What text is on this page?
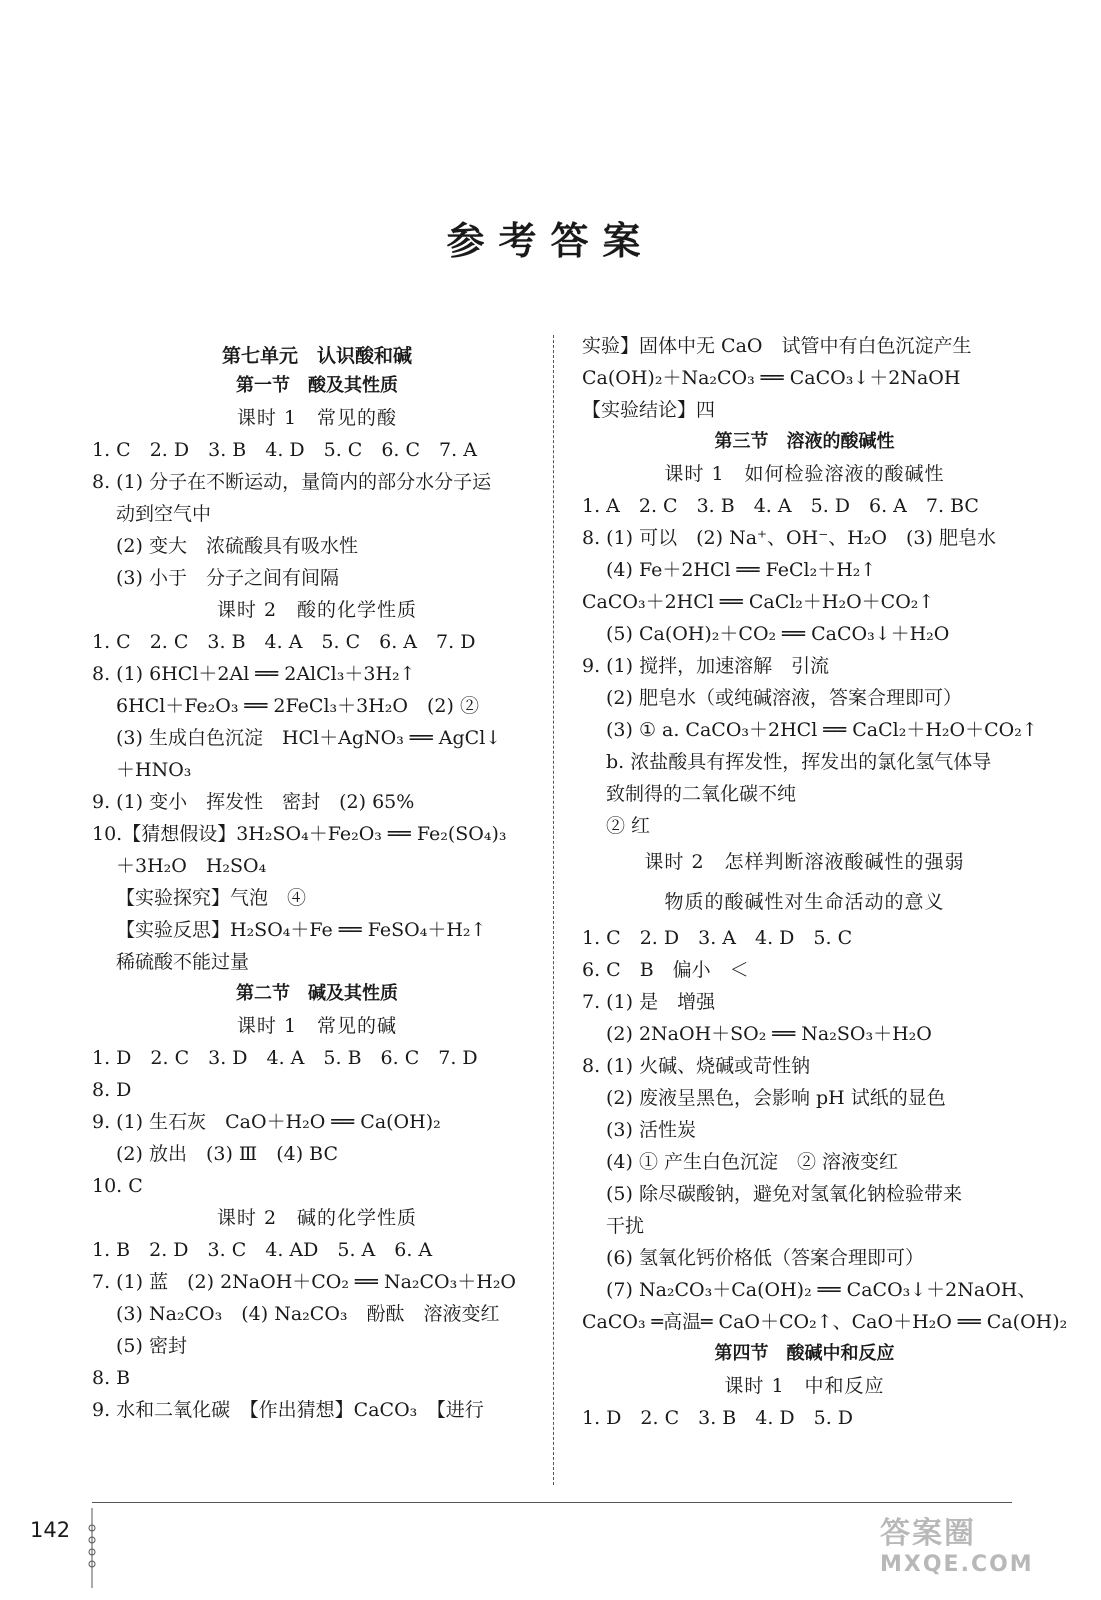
参考答案
第七单元　认识酸和碱
第一节　酸及其性质
课时 1　常见的酸
1. C　2. D　3. B　4. D　5. C　6. C　7. A
8. (1) 分子在不断运动，量筒内的部分水分子运
动到空气中
(2) 变大　浓硫酸具有吸水性
(3) 小于　分子之间有间隔
课时 2　酸的化学性质
1. C　2. C　3. B　4. A　5. C　6. A　7. D
8. (1) 6HCl＋2Al ══ 2AlCl₃＋3H₂↑
6HCl＋Fe₂O₃ ══ 2FeCl₃＋3H₂O　(2) ②
(3) 生成白色沉淀　HCl＋AgNO₃ ══ AgCl↓
＋HNO₃
9. (1) 变小　挥发性　密封　(2) 65%
10.【猜想假设】3H₂SO₄＋Fe₂O₃ ══ Fe₂(SO₄)₃
＋3H₂O　H₂SO₄
【实验探究】气泡　④
【实验反思】H₂SO₄＋Fe ══ FeSO₄＋H₂↑
稀硫酸不能过量
第二节　碱及其性质
课时 1　常见的碱
1. D　2. C　3. D　4. A　5. B　6. C　7. D
8. D
9. (1) 生石灰　CaO＋H₂O ══ Ca(OH)₂
(2) 放出　(3) Ⅲ　(4) BC
10. C
课时 2　碱的化学性质
1. B　2. D　3. C　4. AD　5. A　6. A
7. (1) 蓝　(2) 2NaOH＋CO₂ ══ Na₂CO₃＋H₂O
(3) Na₂CO₃　(4) Na₂CO₃　酚酞　溶液变红
(5) 密封
8. B
9. 水和二氧化碳　【作出猜想】CaCO₃　【进行
实验】固体中无 CaO　试管中有白色沉淀产生
Ca(OH)₂＋Na₂CO₃ ══ CaCO₃↓＋2NaOH
【实验结论】四
第三节　溶液的酸碱性
课时 1　如何检验溶液的酸碱性
1. A　2. C　3. B　4. A　5. D　6. A　7. BC
8. (1) 可以　(2) Na⁺、OH⁻、H₂O　(3) 肥皂水
(4) Fe＋2HCl ══ FeCl₂＋H₂↑
CaCO₃＋2HCl ══ CaCl₂＋H₂O＋CO₂↑
(5) Ca(OH)₂＋CO₂ ══ CaCO₃↓＋H₂O
9. (1) 搅拌，加速溶解　引流
(2) 肥皂水（或纯碱溶液，答案合理即可）
(3) ① a. CaCO₃＋2HCl ══ CaCl₂＋H₂O＋CO₂↑
b. 浓盐酸具有挥发性，挥发出的氯化氢气体导
致制得的二氧化碳不纯
② 红
课时 2　怎样判断溶液酸碱性的强弱
物质的酸碱性对生命活动的意义
1. C　2. D　3. A　4. D　5. C
6. C　B　偏小　＜
7. (1) 是　增强
(2) 2NaOH＋SO₂ ══ Na₂SO₃＋H₂O
8. (1) 火碱、烧碱或苛性钠
(2) 废液呈黑色，会影响 pH 试纸的显色
(3) 活性炭
(4) ① 产生白色沉淀　② 溶液变红
(5) 除尽碳酸钠，避免对氢氧化钠检验带来
干扰
(6) 氢氧化钙价格低（答案合理即可）
(7) Na₂CO₃＋Ca(OH)₂ ══ CaCO₃↓＋2NaOH、
CaCO₃ ═高温═ CaO＋CO₂↑、CaO＋H₂O ══ Ca(OH)₂
第四节　酸碱中和反应
课时 1　中和反应
1. D　2. C　3. B　4. D　5. D
142	答案圈
MXQE.COM
